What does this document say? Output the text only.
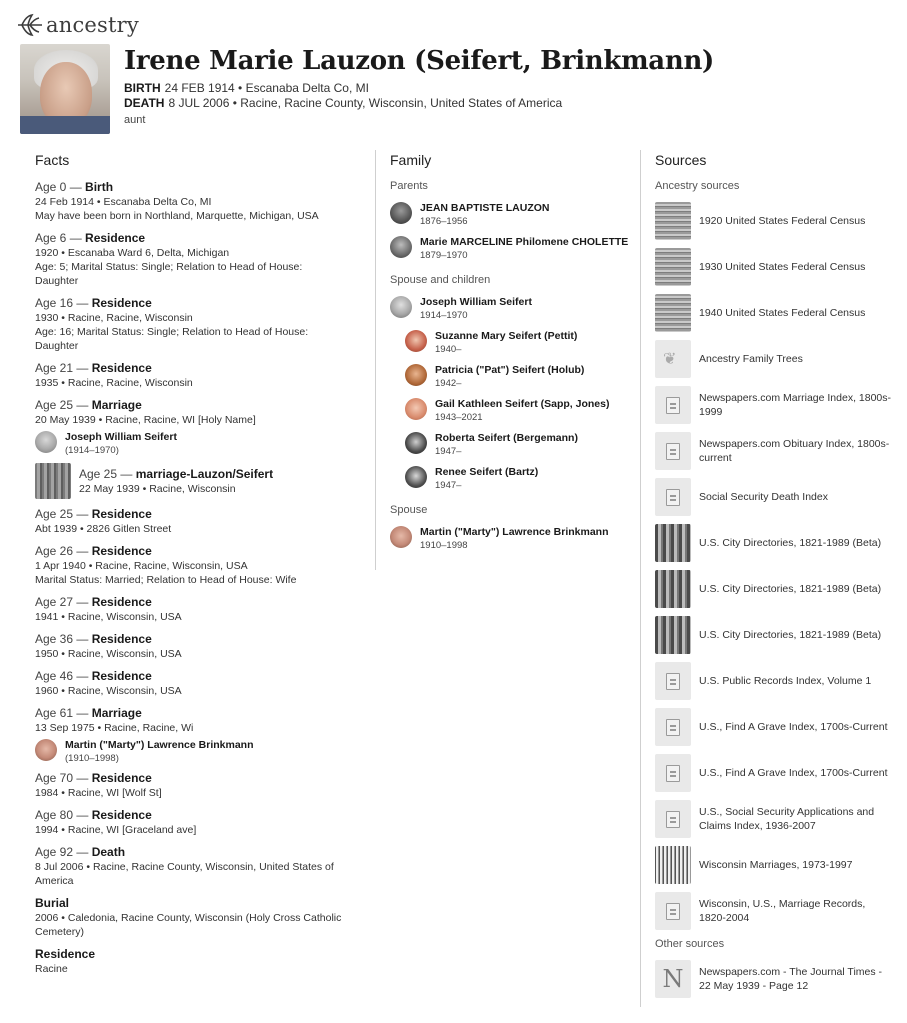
ancestry
Irene Marie Lauzon (Seifert, Brinkmann)
BIRTH 24 FEB 1914 • Escanaba Delta Co, MI
DEATH 8 JUL 2006 • Racine, Racine County, Wisconsin, United States of America
aunt
Facts	Family	Sources
Age 0 — Birth
24 Feb 1914 • Escanaba Delta Co, MI
May have been born in Northland, Marquette, Michigan, USA
Age 6 — Residence
1920 • Escanaba Ward 6, Delta, Michigan
Age: 5; Marital Status: Single; Relation to Head of House:
Daughter
Age 16 — Residence
1930 • Racine, Racine, Wisconsin
Age: 16; Marital Status: Single; Relation to Head of House:
Daughter
Age 21 — Residence
1935 • Racine, Racine, Wisconsin
Age 25 — Marriage
20 May 1939 • Racine, Racine, WI [Holy Name]
Joseph William Seifert
(1914–1970)
Age 25 — marriage-Lauzon/Seifert
22 May 1939 • Racine, Wisconsin
Age 25 — Residence
Abt 1939 • 2826 Gitlen Street
Age 26 — Residence
1 Apr 1940 • Racine, Racine, Wisconsin, USA
Marital Status: Married; Relation to Head of House: Wife
Age 27 — Residence
1941 • Racine, Wisconsin, USA
Age 36 — Residence
1950 • Racine, Wisconsin, USA
Age 46 — Residence
1960 • Racine, Wisconsin, USA
Age 61 — Marriage
13 Sep 1975 • Racine, Racine, Wi
Martin ("Marty") Lawrence Brinkmann
(1910–1998)
Age 70 — Residence
1984 • Racine, WI [Wolf St]
Age 80 — Residence
1994 • Racine, WI [Graceland ave]
Age 92 — Death
8 Jul 2006 • Racine, Racine County, Wisconsin, United States of
America
Burial
2006 • Caledonia, Racine County, Wisconsin (Holy Cross Catholic
Cemetery)
Residence
Racine
Parents
JEAN BAPTISTE LAUZON
1876–1956
Marie MARCELINE Philomene CHOLETTE
1879–1970
Spouse and children
Joseph William Seifert
1914–1970
Suzanne Mary Seifert (Pettit)
1940–
Patricia ("Pat") Seifert (Holub)
1942–
Gail Kathleen Seifert (Sapp, Jones)
1943–2021
Roberta Seifert (Bergemann)
1947–
Renee Seifert (Bartz)
1947–
Spouse
Martin ("Marty") Lawrence Brinkmann
1910–1998
Ancestry sources
1920 United States Federal Census
1930 United States Federal Census
1940 United States Federal Census
❦ Ancestry Family Trees
Newspapers.com Marriage Index, 1800s-1999
Newspapers.com Obituary Index, 1800s-current
Social Security Death Index
U.S. City Directories, 1821-1989 (Beta)
U.S. City Directories, 1821-1989 (Beta)
U.S. City Directories, 1821-1989 (Beta)
U.S. Public Records Index, Volume 1
U.S., Find A Grave Index, 1700s-Current
U.S., Find A Grave Index, 1700s-Current
U.S., Social Security Applications and Claims Index, 1936-2007
Wisconsin Marriages, 1973-1997
Wisconsin, U.S., Marriage Records, 1820-2004
Other sources
N	Newspapers.com - The Journal Times - 22 May 1939 - Page 12
